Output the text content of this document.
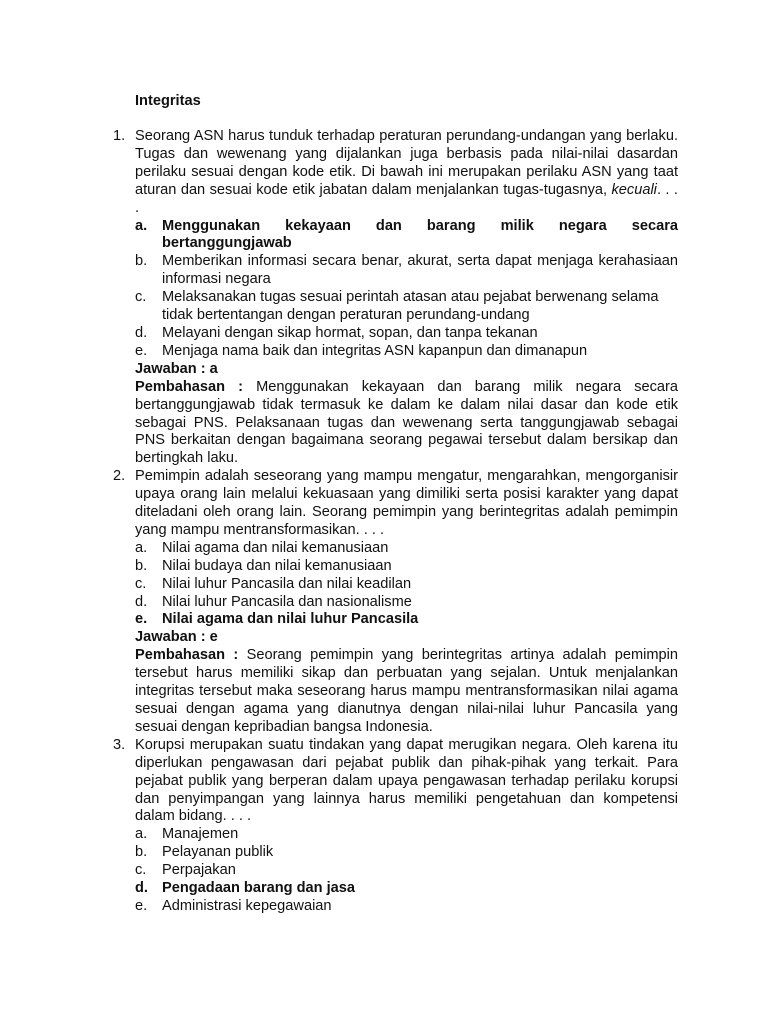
Integritas
1. Seorang ASN harus tunduk terhadap peraturan perundang-undangan yang berlaku. Tugas dan wewenang yang dijalankan juga berbasis pada nilai-nilai dasardan perilaku sesuai dengan kode etik. Di bawah ini merupakan perilaku ASN yang taat aturan dan sesuai kode etik jabatan dalam menjalankan tugas-tugasnya, kecuali. . . .
a. Menggunakan kekayaan dan barang milik negara secara bertanggungjawab
b. Memberikan informasi secara benar, akurat, serta dapat menjaga kerahasiaan informasi negara
c. Melaksanakan tugas sesuai perintah atasan atau pejabat berwenang selama tidak bertentangan dengan peraturan perundang-undang
d. Melayani dengan sikap hormat, sopan, dan tanpa tekanan
e. Menjaga nama baik dan integritas ASN kapanpun dan dimanapun
Jawaban : a
Pembahasan : Menggunakan kekayaan dan barang milik negara secara bertanggungjawab tidak termasuk ke dalam ke dalam nilai dasar dan kode etik sebagai PNS. Pelaksanaan tugas dan wewenang serta tanggungjawab sebagai PNS berkaitan dengan bagaimana seorang pegawai tersebut dalam bersikap dan bertingkah laku.
2. Pemimpin adalah seseorang yang mampu mengatur, mengarahkan, mengorganisir upaya orang lain melalui kekuasaan yang dimiliki serta posisi karakter yang dapat diteladani oleh orang lain. Seorang pemimpin yang berintegritas adalah pemimpin yang mampu mentransformasikan. . . .
a. Nilai agama dan nilai kemanusiaan
b. Nilai budaya dan nilai kemanusiaan
c. Nilai luhur Pancasila dan nilai keadilan
d. Nilai luhur Pancasila dan nasionalisme
e. Nilai agama dan nilai luhur Pancasila
Jawaban : e
Pembahasan : Seorang pemimpin yang berintegritas artinya adalah pemimpin tersebut harus memiliki sikap dan perbuatan yang sejalan. Untuk menjalankan integritas tersebut maka seseorang harus mampu mentransformasikan nilai agama sesuai dengan agama yang dianutnya dengan nilai-nilai luhur Pancasila yang sesuai dengan kepribadian bangsa Indonesia.
3. Korupsi merupakan suatu tindakan yang dapat merugikan negara. Oleh karena itu diperlukan pengawasan dari pejabat publik dan pihak-pihak yang terkait. Para pejabat publik yang berperan dalam upaya pengawasan terhadap perilaku korupsi dan penyimpangan yang lainnya harus memiliki pengetahuan dan kompetensi dalam bidang. . . .
a. Manajemen
b. Pelayanan publik
c. Perpajakan
d. Pengadaan barang dan jasa
e. Administrasi kepegawaian
